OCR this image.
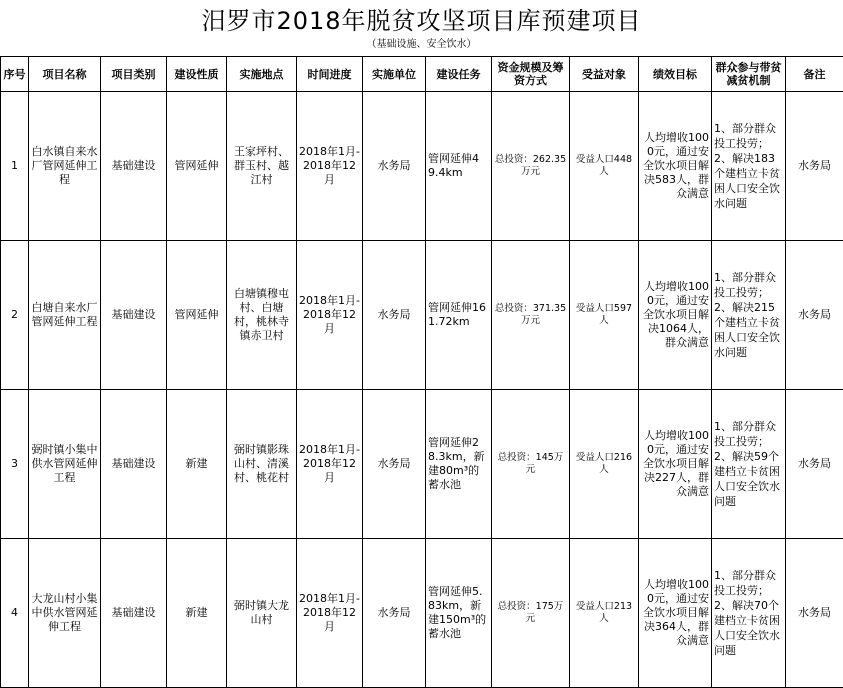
汨罗市2018年脱贫攻坚项目库预建项目
（基础设施、安全饮水）
序号	项目名称	项目类别	建设性质	实施地点	时间进度	实施单位	建设任务	资金规模及筹资方式	受益对象	绩效目标	群众参与带贫减贫机制	备注
1	白水镇自来水厂管网延伸工程	基础建设	管网延伸	王家坪村、群玉村、越江村	2018年1月-2018年12月	水务局	管网延伸49.4km	总投资：262.35万元	受益人口448人	人均增收1000元，通过安全饮水项目解决583人，群众满意	1、部分群众投工投劳；2、解决183个建档立卡贫困人口安全饮水问题	水务局
2	白塘自来水厂管网延伸工程	基础建设	管网延伸	白塘镇穆屯村、白塘村，桃林寺镇赤卫村	2018年1月-2018年12月	水务局	管网延伸161.72km	总投资：371.35万元	受益人口597人	人均增收1000元，通过安全饮水项目解决1064人，群众满意	1、部分群众投工投劳；2、解决215个建档立卡贫困人口安全饮水问题	水务局
3	弼时镇小集中供水管网延伸工程	基础建设	新建	弼时镇影珠山村、清溪村、桃花村	2018年1月-2018年12月	水务局	管网延伸28.3km，新建80m³的蓄水池	总投资：145万元	受益人口216人	人均增收1000元，通过安全饮水项目解决227人，群众满意	1、部分群众投工投劳；2、解决59个建档立卡贫困人口安全饮水问题	水务局
4	大龙山村小集中供水管网延伸工程	基础建设	新建	弼时镇大龙山村	2018年1月-2018年12月	水务局	管网延伸5.83km，新建150m³的蓄水池	总投资：175万元	受益人口213人	人均增收1000元，通过安全饮水项目解决364人，群众满意	1、部分群众投工投劳；2、解决70个建档立卡贫困人口安全饮水问题	水务局
